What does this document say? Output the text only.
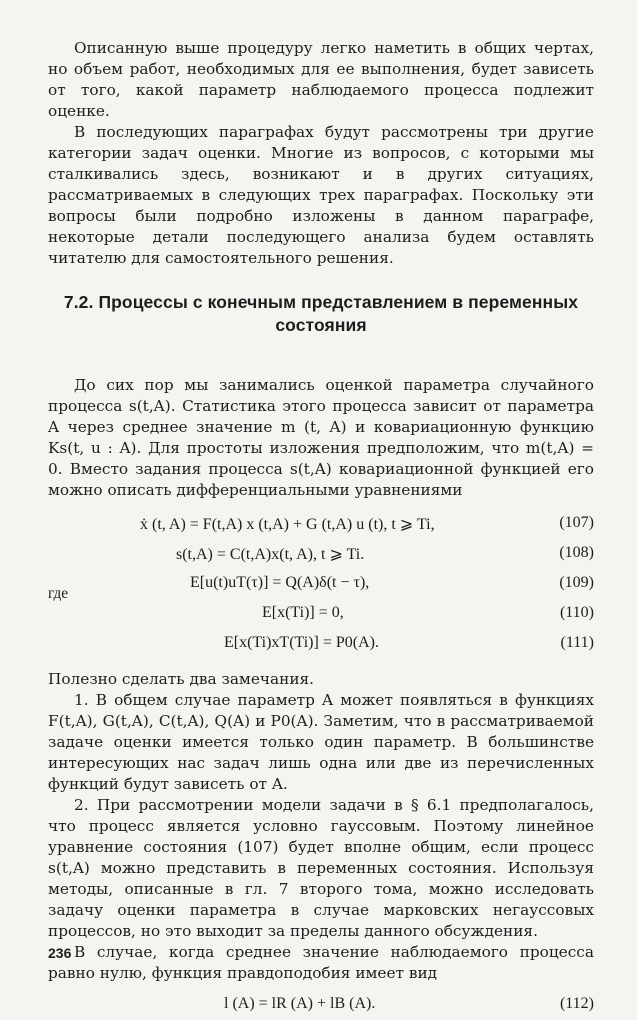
Описанную выше процедуру легко наметить в общих чертах, но объем работ, необходимых для ее выполнения, будет зависеть от того, какой параметр наблюдаемого процесса подлежит оценке.

В последующих параграфах будут рассмотрены три другие категории задач оценки. Многие из вопросов, с которыми мы сталкивались здесь, возникают и в других ситуациях, рассматриваемых в следующих трех параграфах. Поскольку эти вопросы были подробно изложены в данном параграфе, некоторые детали последующего анализа будем оставлять читателю для самостоятельного решения.

7.2. Процессы с конечным представлением в переменных состояния

До сих пор мы занимались оценкой параметра случайного процесса s(t,A). Статистика этого процесса зависит от параметра A через среднее значение m (t, A) и ковариационную функцию Ks(t, u : A). Для простоты изложения предположим, что m(t,A) = 0. Вместо задания процесса s(t,A) ковариационной функцией его можно описать дифференциальными уравнениями

ẋ (t, A) = F(t,A) x (t,A) + G (t,A) u (t), t ⩾ Ti,	(107)
s(t,A) = C(t,A)x(t, A), t ⩾ Ti.	(108)
где
E[u(t)uT(τ)] = Q(A)δ(t − τ),	(109)
E[x(Ti)] = 0,	(110)
E[x(Ti)xT(Ti)] = P0(A).	(111)

Полезно сделать два замечания.

1. В общем случае параметр A может появляться в функциях F(t,A), G(t,A), C(t,A), Q(A) и P0(A). Заметим, что в рассматриваемой задаче оценки имеется только один параметр. В большинстве интересующих нас задач лишь одна или две из перечисленных функций будут зависеть от A.

2. При рассмотрении модели задачи в § 6.1 предполагалось, что процесс является условно гауссовым. Поэтому линейное уравнение состояния (107) будет вполне общим, если процесс s(t,A) можно представить в переменных состояния. Используя методы, описанные в гл. 7 второго тома, можно исследовать задачу оценки параметра в случае марковских негауссовых процессов, но это выходит за пределы данного обсуждения.

В случае, когда среднее значение наблюдаемого процесса равно нулю, функция правдоподобия имеет вид

l (A) = lR (A) + lB (A).	(112)
236
